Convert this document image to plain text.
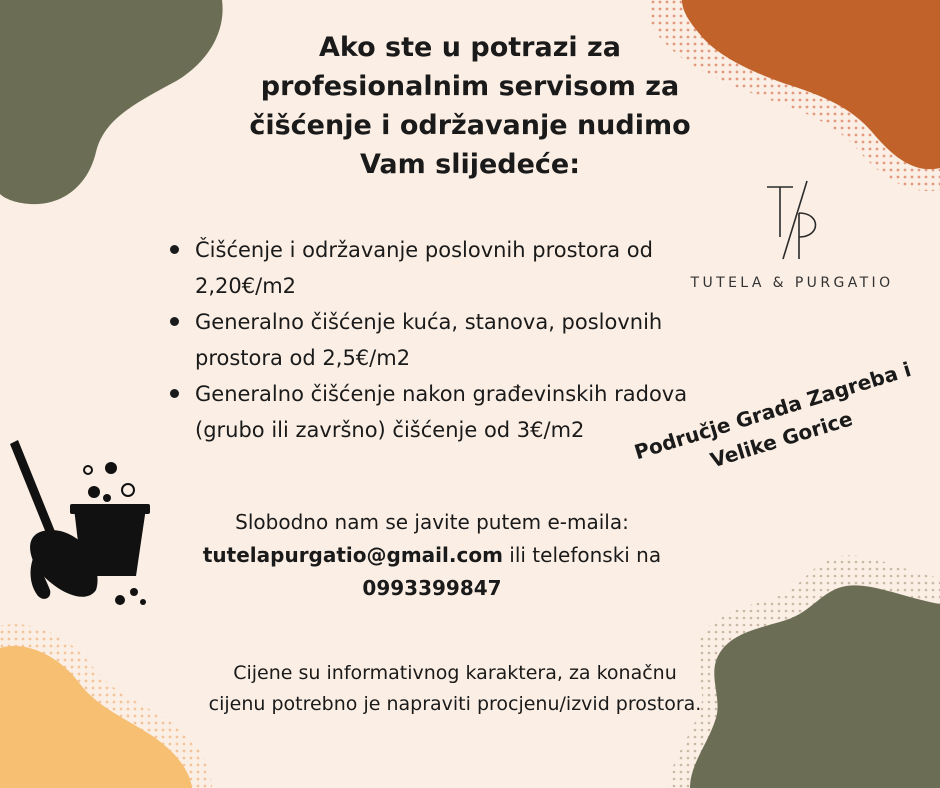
Ako ste u potrazi za profesionalnim servisom za čišćenje i održavanje nudimo Vam slijedeće:
Čišćenje i održavanje poslovnih prostora od 2,20€/m2
Generalno čišćenje kuća, stanova, poslovnih prostora od 2,5€/m2
Generalno čišćenje nakon građevinskih radova (grubo ili završno) čišćenje od 3€/m2
TUTELA & PURGATIO
Područje Grada Zagreba i Velike Gorice
Slobodno nam se javite putem e-maila:
tutelapurgatio@gmail.com ili telefonski na
0993399847
Cijene su informativnog karaktera, za konačnu cijenu potrebno je napraviti procjenu/izvid prostora.
